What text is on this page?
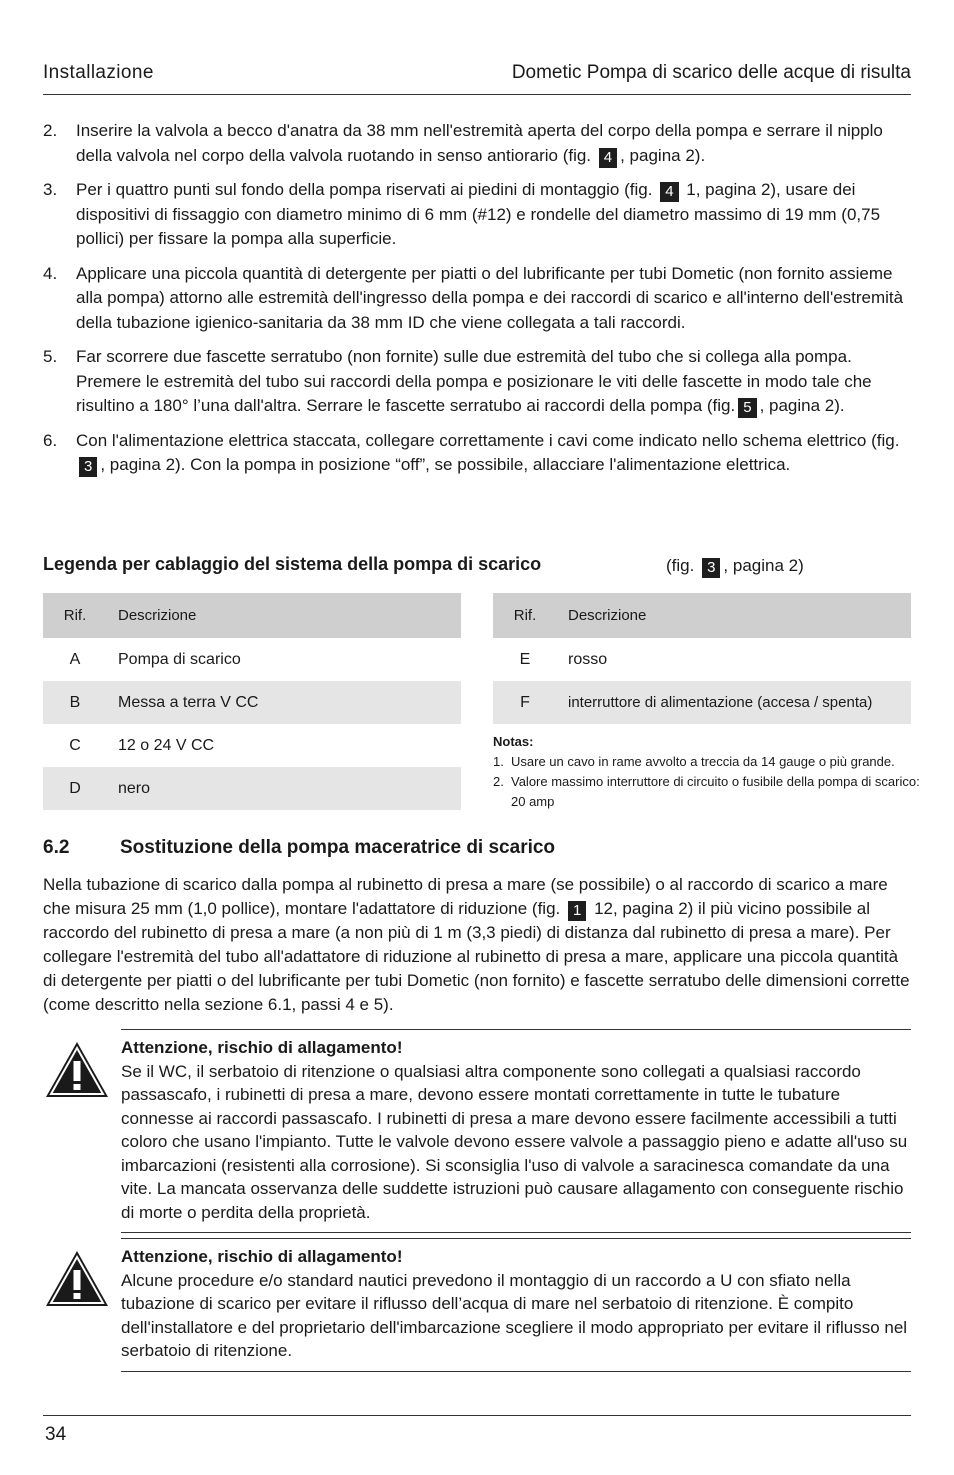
Installazione	Dometic Pompa di scarico delle acque di risulta
2. Inserire la valvola a becco d'anatra da 38 mm nell'estremità aperta del corpo della pompa e serrare il nipplo della valvola nel corpo della valvola ruotando in senso antiorario (fig. 4 , pagina 2).
3. Per i quattro punti sul fondo della pompa riservati ai piedini di montaggio (fig. 4 1, pagina 2), usare dei dispositivi di fissaggio con diametro minimo di 6 mm (#12) e rondelle del diametro massimo di 19 mm (0,75 pollici) per fissare la pompa alla superficie.
4. Applicare una piccola quantità di detergente per piatti o del lubrificante per tubi Dometic (non fornito assieme alla pompa) attorno alle estremità dell'ingresso della pompa e dei raccordi di scarico e all'interno dell'estremità della tubazione igienico-sanitaria da 38 mm ID che viene collegata a tali raccordi.
5. Far scorrere due fascette serratubo (non fornite) sulle due estremità del tubo che si collega alla pompa. Premere le estremità del tubo sui raccordi della pompa e posizionare le viti delle fascette in modo tale che risultino a 180° l’una dall'altra. Serrare le fascette serratubo ai raccordi della pompa (fig. 5 , pagina 2).
6. Con l'alimentazione elettrica staccata, collegare correttamente i cavi come indicato nello schema elettrico (fig. 3 , pagina 2). Con la pompa in posizione “off”, se possibile, allacciare l'alimentazione elettrica.
Legenda per cablaggio del sistema della pompa di scarico	(fig. 3 , pagina 2)
Rif.	Descrizione
A	Pompa di scarico
B	Messa a terra V CC
C	12 o 24 V CC
D	nero
Rif.	Descrizione
E	rosso
F	interruttore di alimentazione (accesa / spenta)
Notas:
1. Usare un cavo in rame avvolto a treccia da 14 gauge o più grande.
2. Valore massimo interruttore di circuito o fusibile della pompa di scarico: 20 amp
6.2	Sostituzione della pompa maceratrice di scarico
Nella tubazione di scarico dalla pompa al rubinetto di presa a mare (se possibile) o al raccordo di scarico a mare che misura 25 mm (1,0 pollice), montare l'adattatore di riduzione (fig. 1 12, pagina 2) il più vicino possibile al raccordo del rubinetto di presa a mare (a non più di 1 m (3,3 piedi) di distanza dal rubinetto di presa a mare). Per collegare l'estremità del tubo all'adattatore di riduzione al rubinetto di presa a mare, applicare una piccola quantità di detergente per piatti o del lubrificante per tubi Dometic (non fornito) e fascette serratubo delle dimensioni corrette (come descritto nella sezione 6.1, passi 4 e 5).
Attenzione, rischio di allagamento!
Se il WC, il serbatoio di ritenzione o qualsiasi altra componente sono collegati a qualsiasi raccordo passascafo, i rubinetti di presa a mare, devono essere montati correttamente in tutte le tubature connesse ai raccordi passascafo. I rubinetti di presa a mare devono essere facilmente accessibili a tutti coloro che usano l'impianto. Tutte le valvole devono essere valvole a passaggio pieno e adatte all'uso su imbarcazioni (resistenti alla corrosione). Si sconsiglia l'uso di valvole a saracinesca comandate da una vite. La mancata osservanza delle suddette istruzioni può causare allagamento con conseguente rischio di morte o perdita della proprietà.
Attenzione, rischio di allagamento!
Alcune procedure e/o standard nautici prevedono il montaggio di un raccordo a U con sfiato nella tubazione di scarico per evitare il riflusso dell’acqua di mare nel serbatoio di ritenzione. È compito dell'installatore e del proprietario dell'imbarcazione scegliere il modo appropriato per evitare il riflusso nel serbatoio di ritenzione.
34
